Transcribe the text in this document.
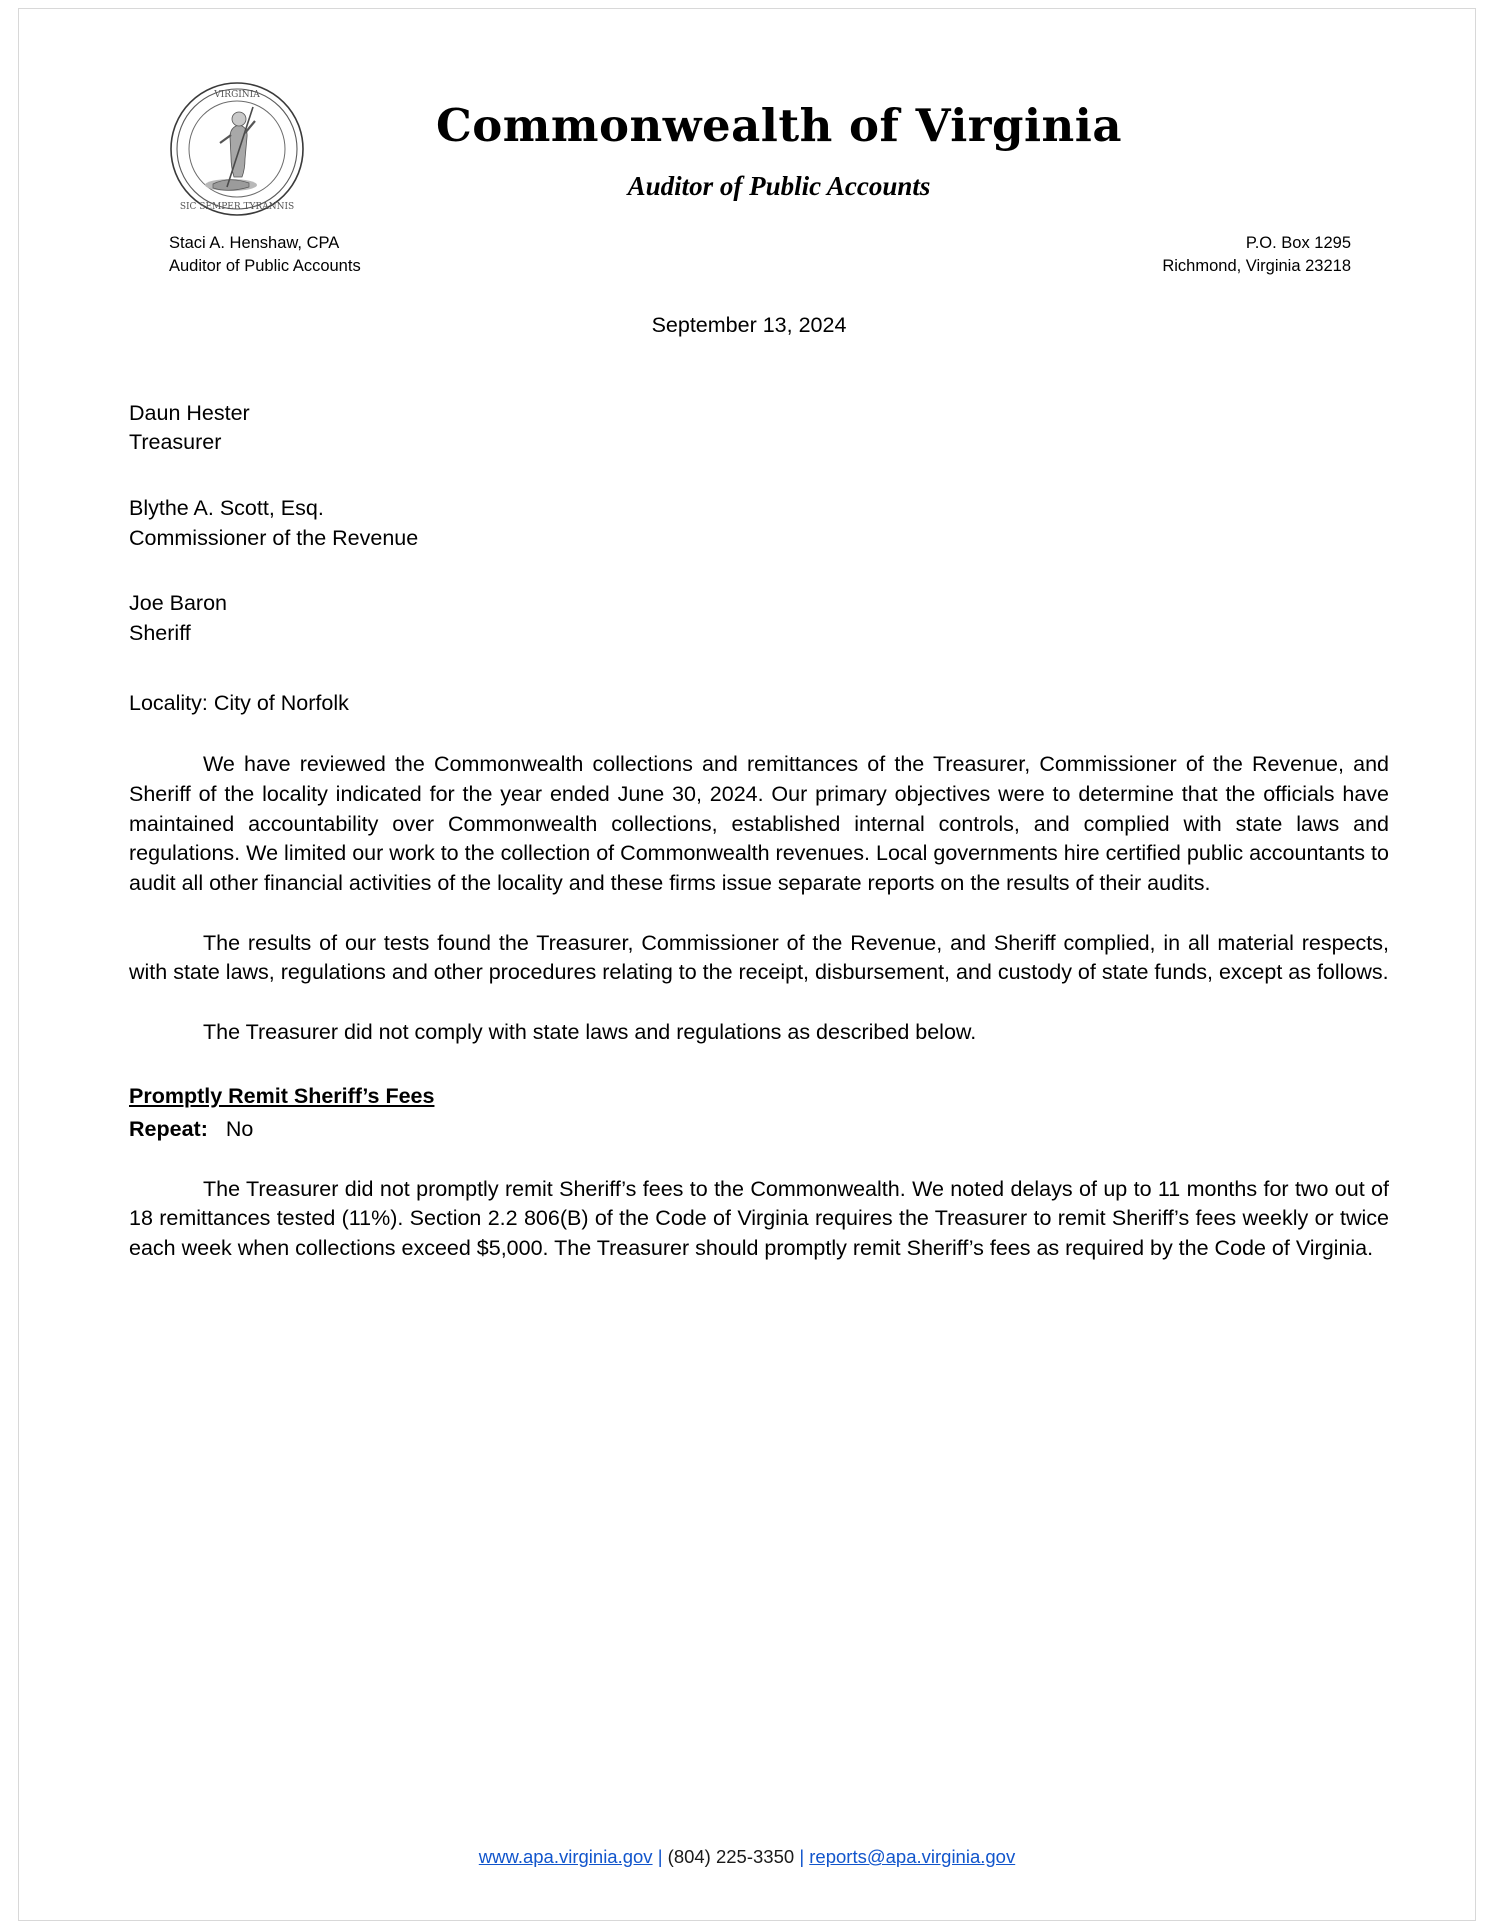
VIRGINIA
SIC SEMPER TYRANNIS
Commonwealth of Virginia
Auditor of Public Accounts
Staci A. Henshaw, CPA
Auditor of Public Accounts
P.O. Box 1295
Richmond, Virginia 23218
September 13, 2024
Daun Hester
Treasurer
Blythe A. Scott, Esq.
Commissioner of the Revenue
Joe Baron
Sheriff
Locality: City of Norfolk

We have reviewed the Commonwealth collections and remittances of the Treasurer, Commissioner of the Revenue, and Sheriff of the locality indicated for the year ended June 30, 2024. Our primary objectives were to determine that the officials have maintained accountability over Commonwealth collections, established internal controls, and complied with state laws and regulations. We limited our work to the collection of Commonwealth revenues. Local governments hire certified public accountants to audit all other financial activities of the locality and these firms issue separate reports on the results of their audits.

The results of our tests found the Treasurer, Commissioner of the Revenue, and Sheriff complied, in all material respects, with state laws, regulations and other procedures relating to the receipt, disbursement, and custody of state funds, except as follows.

The Treasurer did not comply with state laws and regulations as described below.

Promptly Remit Sheriff’s Fees
Repeat: No

The Treasurer did not promptly remit Sheriff’s fees to the Commonwealth. We noted delays of up to 11 months for two out of 18 remittances tested (11%). Section 2.2 806(B) of the Code of Virginia requires the Treasurer to remit Sheriff’s fees weekly or twice each week when collections exceed $5,000. The Treasurer should promptly remit Sheriff’s fees as required by the Code of Virginia.

www.apa.virginia.gov | (804) 225-3350 | reports@apa.virginia.gov
